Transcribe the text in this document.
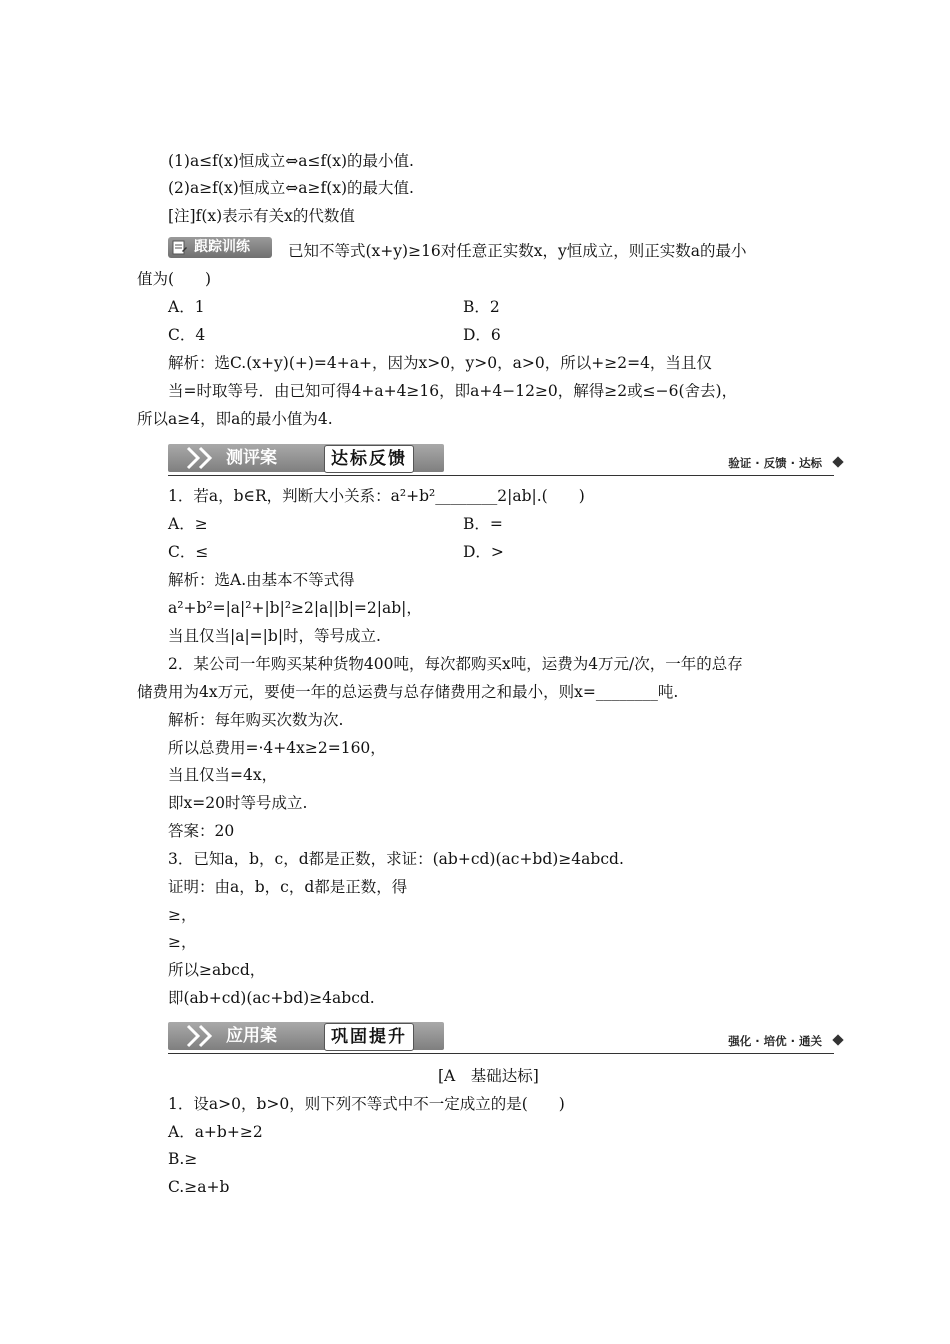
(1)a≤f(x)恒成立⇔a≤f(x)的最小值.
(2)a≥f(x)恒成立⇔a≥f(x)的最大值.
[注]f(x)表示有关x的代数值
跟踪训练 已知不等式(x+y)≥16对任意正实数x，y恒成立，则正实数a的最小
值为(　　)
A．1	B．2
C．4	D．6
解析：选C.(x+y)(+)=4+a+，因为x>0，y>0，a>0，所以+≥2=4，当且仅
当=时取等号．由已知可得4+a+4≥16，即a+4−12≥0，解得≥2或≤−6(舍去)，
所以a≥4，即a的最小值为4.
测评案	达标反馈	验证 · 反馈 · 达标
1．若a，b∈R，判断大小关系：a²+b²________2|ab|.(　　)
A．≥	B．=
C．≤	D．>
解析：选A.由基本不等式得
a²+b²=|a|²+|b|²≥2|a||b|=2|ab|，
当且仅当|a|=|b|时，等号成立.
2．某公司一年购买某种货物400吨，每次都购买x吨，运费为4万元/次，一年的总存
储费用为4x万元，要使一年的总运费与总存储费用之和最小，则x=________吨.
解析：每年购买次数为次.
所以总费用=·4+4x≥2=160，
当且仅当=4x，
即x=20时等号成立.
答案：20
3．已知a，b，c，d都是正数，求证：(ab+cd)(ac+bd)≥4abcd.
证明：由a，b，c，d都是正数，得
≥，
≥，
所以≥abcd，
即(ab+cd)(ac+bd)≥4abcd.
应用案	巩固提升	强化 · 培优 · 通关
[A　基础达标]
1．设a>0，b>0，则下列不等式中不一定成立的是(　　)
A．a+b+≥2
B.≥
C.≥a+b
